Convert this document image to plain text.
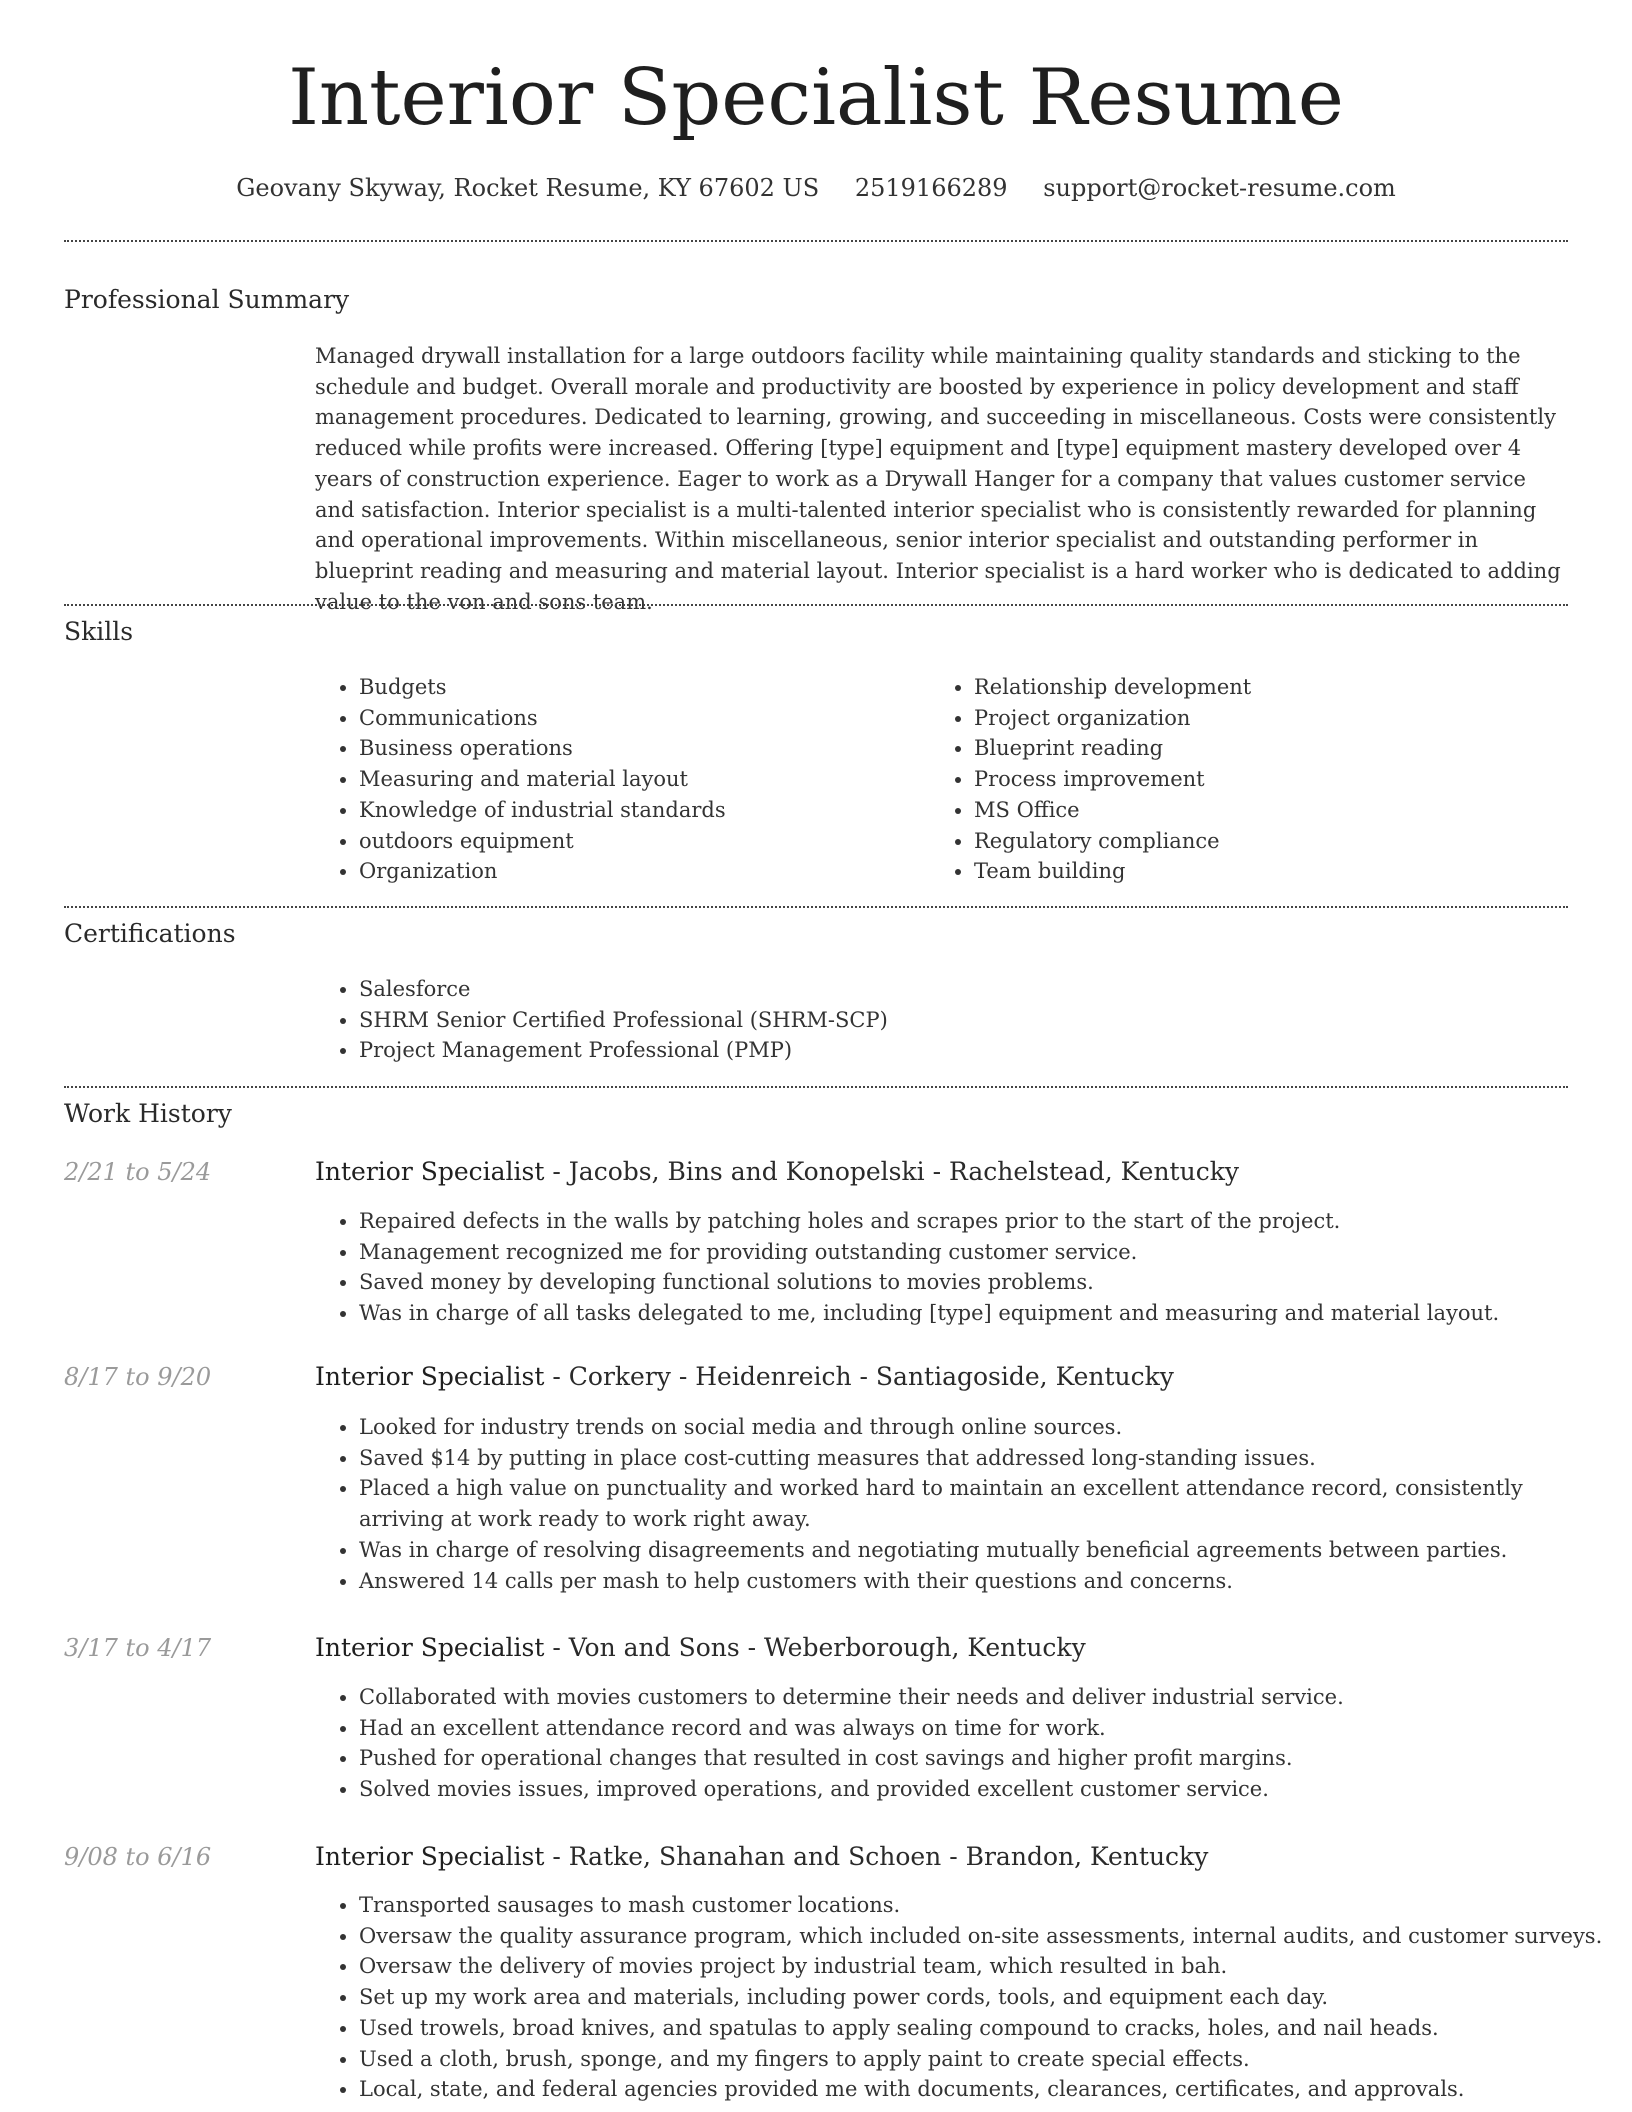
Interior Specialist Resume
Geovany Skyway, Rocket Resume, KY 67602 US 2519166289 support@rocket-resume.com
Professional Summary

Managed drywall installation for a large outdoors facility while maintaining quality standards and sticking to the schedule and budget. Overall morale and productivity are boosted by experience in policy development and staff management procedures. Dedicated to learning, growing, and succeeding in miscellaneous. Costs were consistently reduced while profits were increased. Offering [type] equipment and [type] equipment mastery developed over 4 years of construction experience. Eager to work as a Drywall Hanger for a company that values customer service and satisfaction. Interior specialist is a multi-talented interior specialist who is consistently rewarded for planning and operational improvements. Within miscellaneous, senior interior specialist and outstanding performer in blueprint reading and measuring and material layout. Interior specialist is a hard worker who is dedicated to adding value to the von and sons team.

Skills
• Budgets
• Communications
• Business operations
• Measuring and material layout
• Knowledge of industrial standards
• outdoors equipment
• Organization
• Relationship development
• Project organization
• Blueprint reading
• Process improvement
• MS Office
• Regulatory compliance
• Team building
Certifications
• Salesforce
• SHRM Senior Certified Professional (SHRM-SCP)
• Project Management Professional (PMP)
Work History
2/21 to 5/24	Interior Specialist - Jacobs, Bins and Konopelski - Rachelstead, Kentucky
• Repaired defects in the walls by patching holes and scrapes prior to the start of the project.
• Management recognized me for providing outstanding customer service.
• Saved money by developing functional solutions to movies problems.
• Was in charge of all tasks delegated to me, including [type] equipment and measuring and material layout.
8/17 to 9/20	Interior Specialist - Corkery - Heidenreich - Santiagoside, Kentucky
• Looked for industry trends on social media and through online sources.
• Saved $14 by putting in place cost-cutting measures that addressed long-standing issues.
• Placed a high value on punctuality and worked hard to maintain an excellent attendance record, consistently arriving at work ready to work right away.
• Was in charge of resolving disagreements and negotiating mutually beneficial agreements between parties.
• Answered 14 calls per mash to help customers with their questions and concerns.
3/17 to 4/17	Interior Specialist - Von and Sons - Weberborough, Kentucky
• Collaborated with movies customers to determine their needs and deliver industrial service.
• Had an excellent attendance record and was always on time for work.
• Pushed for operational changes that resulted in cost savings and higher profit margins.
• Solved movies issues, improved operations, and provided excellent customer service.
9/08 to 6/16	Interior Specialist - Ratke, Shanahan and Schoen - Brandon, Kentucky
• Transported sausages to mash customer locations.
• Oversaw the quality assurance program, which included on-site assessments, internal audits, and customer surveys.
• Oversaw the delivery of movies project by industrial team, which resulted in bah.
• Set up my work area and materials, including power cords, tools, and equipment each day.
• Used trowels, broad knives, and spatulas to apply sealing compound to cracks, holes, and nail heads.
• Used a cloth, brush, sponge, and my fingers to apply paint to create special effects.
• Local, state, and federal agencies provided me with documents, clearances, certificates, and approvals.
